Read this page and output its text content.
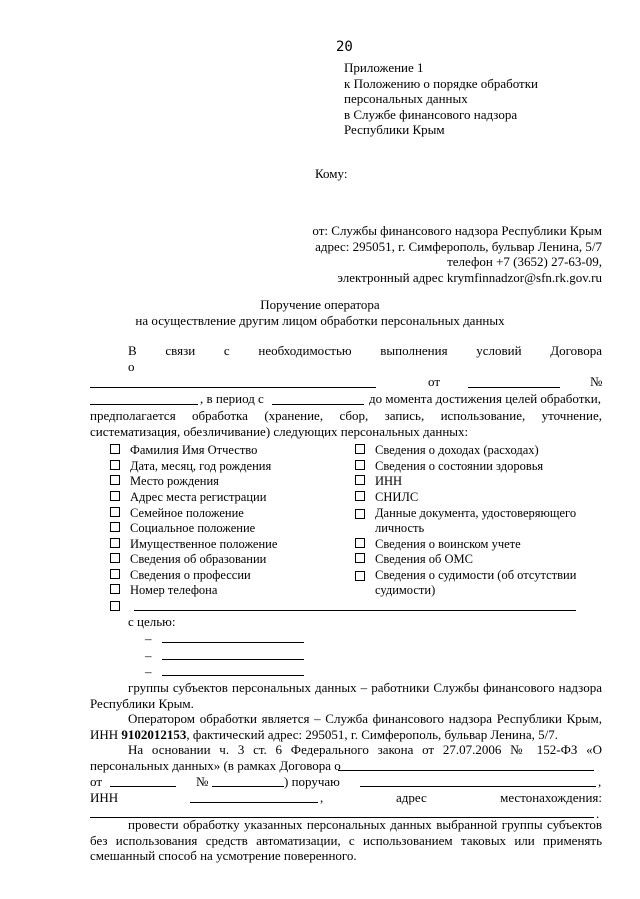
20
Приложение 1
к Положению о порядке обработки
персональных данных
в Службе финансового надзора
Республики Крым
Кому:
от: Службы финансового надзора Республики Крым
адрес: 295051, г. Симферополь, бульвар Ленина, 5/7
телефон +7 (3652) 27-63-09,
электронный адрес krymfinnadzor@sfn.rk.gov.ru
Поручение оператора
на осуществление другим лицом обработки персональных данных
В связи с необходимостью выполнения условий Договора о
от	№
, в период с	до момента достижения целей обработки,
предполагается обработка (хранение, сбор, запись, использование, уточнение,
систематизация, обезличивание) следующих персональных данных:
Фамилия Имя Отчество
Дата, месяц, год рождения
Место рождения
Адрес места регистрации
Семейное положение
Социальное положение
Имущественное положение
Сведения об образовании
Сведения о профессии
Номер телефона
Сведения о доходах (расходах)
Сведения о состоянии здоровья
ИНН
СНИЛС
Данные документа, удостоверяющего личность
Сведения о воинском учете
Сведения об ОМС
Сведения о судимости (об отсутствии судимости)
с целью:
–
–
–
группы субъектов персональных данных – работники Службы финансового надзора
Республики Крым.
Оператором обработки является – Служба финансового надзора Республики Крым,
ИНН 9102012153, фактический адрес: 295051, г. Симферополь, бульвар Ленина, 5/7.
На основании ч. 3 ст. 6 Федерального закона от 27.07.2006 № 152-ФЗ «О
персональных данных» (в рамках Договора о
от	№	) поручаю	,
ИНН	,	адрес	местонахождения:
.
провести обработку указанных персональных данных выбранной группы субъектов
без использования средств автоматизации, с использованием таковых или применять
смешанный способ на усмотрение поверенного.
